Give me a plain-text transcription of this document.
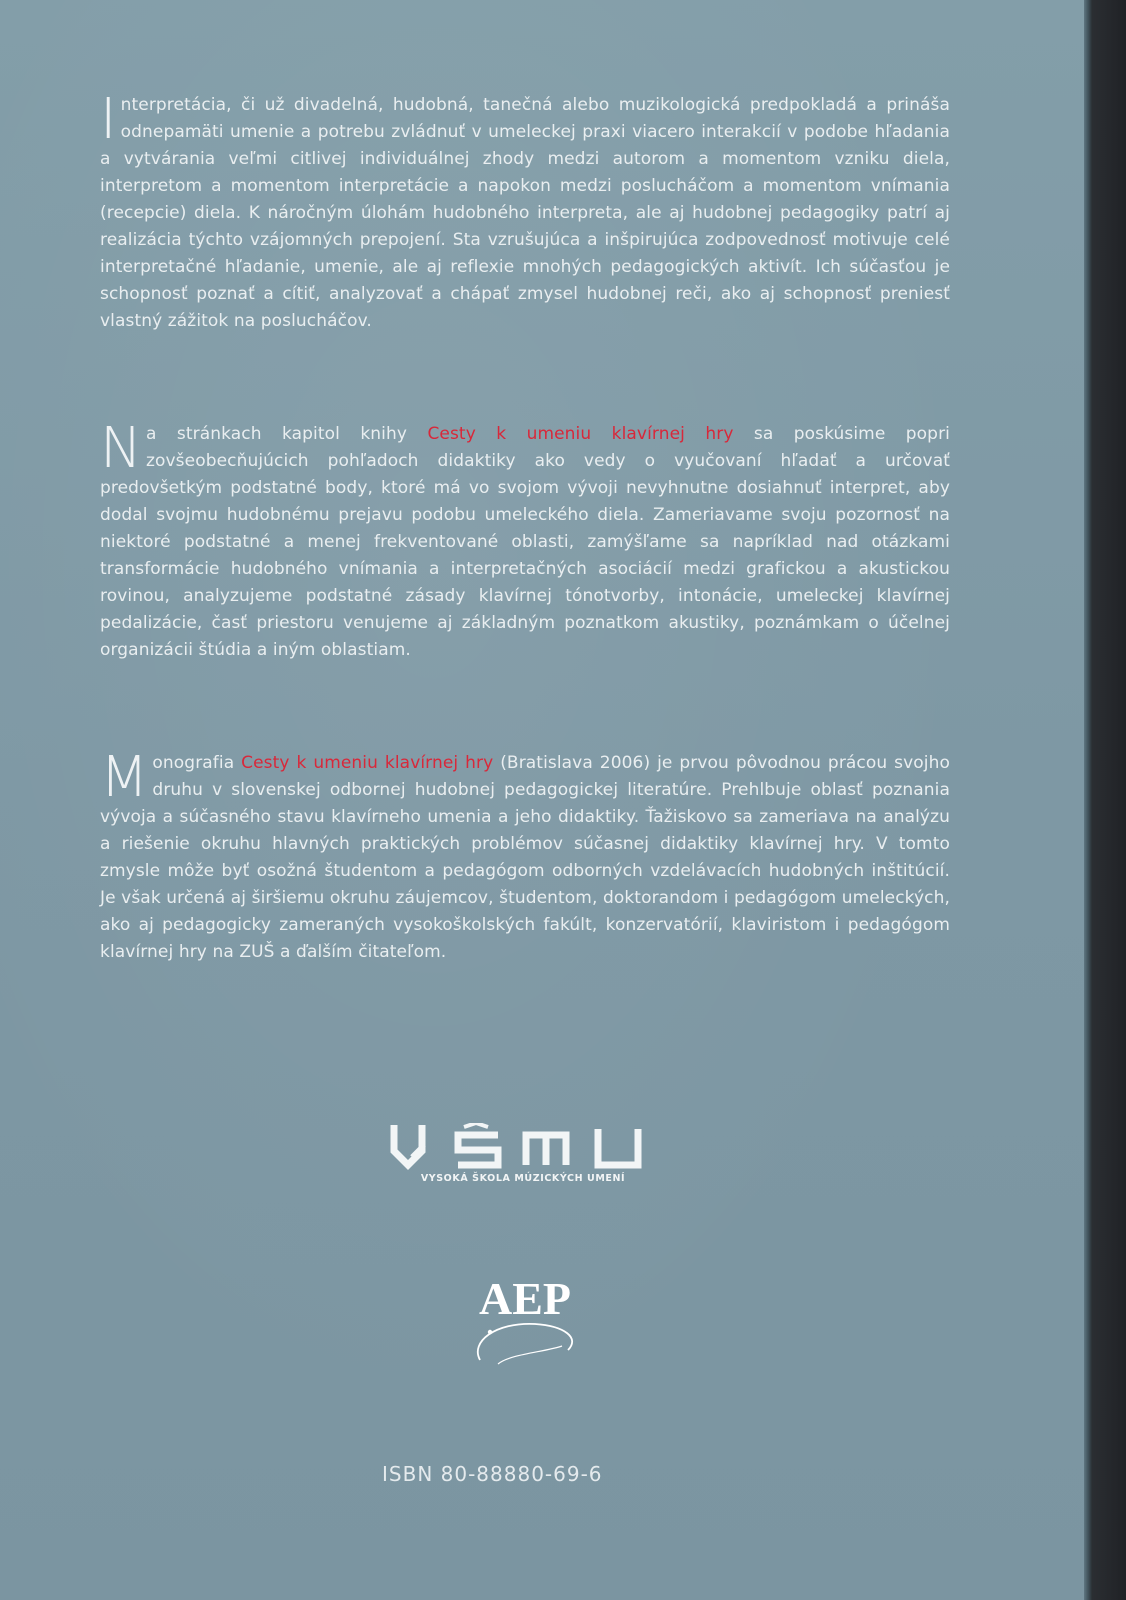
Interpretácia, či už divadelná, hudobná, tanečná alebo muzikologická predpokladá a prináša odnepamäti umenie a potrebu zvládnuť v umeleckej praxi viacero interakcií v podobe hľadania a vytvárania veľmi citlivej individuálnej zhody medzi autorom a momentom vzniku diela, interpretom a momentom interpretácie a napokon medzi poslucháčom a momentom vnímania (recepcie) diela. K náročným úlohám hudobného interpreta, ale aj hudobnej pedagogiky patrí aj realizácia týchto vzájomných prepojení. Sta vzrušujúca a inšpirujúca zodpovednosť motivuje celé interpretačné hľadanie, umenie, ale aj reflexie mnohých pedagogických aktivít. Ich súčasťou je schopnosť poznať a cítiť, analyzovať a chápať zmysel hudobnej reči, ako aj schopnosť preniesť vlastný zážitok na poslucháčov.
Na stránkach kapitol knihy Cesty k umeniu klavírnej hry sa poskúsime popri zovšeobecňujúcich pohľadoch didaktiky ako vedy o vyučovaní hľadať a určovať predovšetkým podstatné body, ktoré má vo svojom vývoji nevyhnutne dosiahnuť interpret, aby dodal svojmu hudobnému prejavu podobu umeleckého diela. Zameriavame svoju pozornosť na niektoré podstatné a menej frekventované oblasti, zamýšľame sa napríklad nad otázkami transformácie hudobného vnímania a interpretačných asociácií medzi grafickou a akustickou rovinou, analyzujeme podstatné zásady klavírnej tónotvorby, intonácie, umeleckej klavírnej pedalizácie, časť priestoru venujeme aj základným poznatkom akustiky, poznámkam o účelnej organizácii štúdia a iným oblastiam.
Monografia Cesty k umeniu klavírnej hry (Bratislava 2006) je prvou pôvodnou prácou svojho druhu v slovenskej odbornej hudobnej pedagogickej literatúre. Prehlbuje oblasť poznania vývoja a súčasného stavu klavírneho umenia a jeho didaktiky. Ťažiskovo sa zameriava na analýzu a riešenie okruhu hlavných praktických problémov súčasnej didaktiky klavírnej hry. V tomto zmysle môže byť osožná študentom a pedagógom odborných vzdelávacích hudobných inštitúcií. Je však určená aj širšiemu okruhu záujemcov, študentom, doktorandom i pedagógom umeleckých, ako aj pedagogicky zameraných vysokoškolských fakúlt, konzervatórií, klaviristom i pedagógom klavírnej hry na ZUŠ a ďalším čitateľom.
VYSOKÁ ŠKOLA MÚZICKÝCH UMENÍ
AEP
ISBN 80-88880-69-6
